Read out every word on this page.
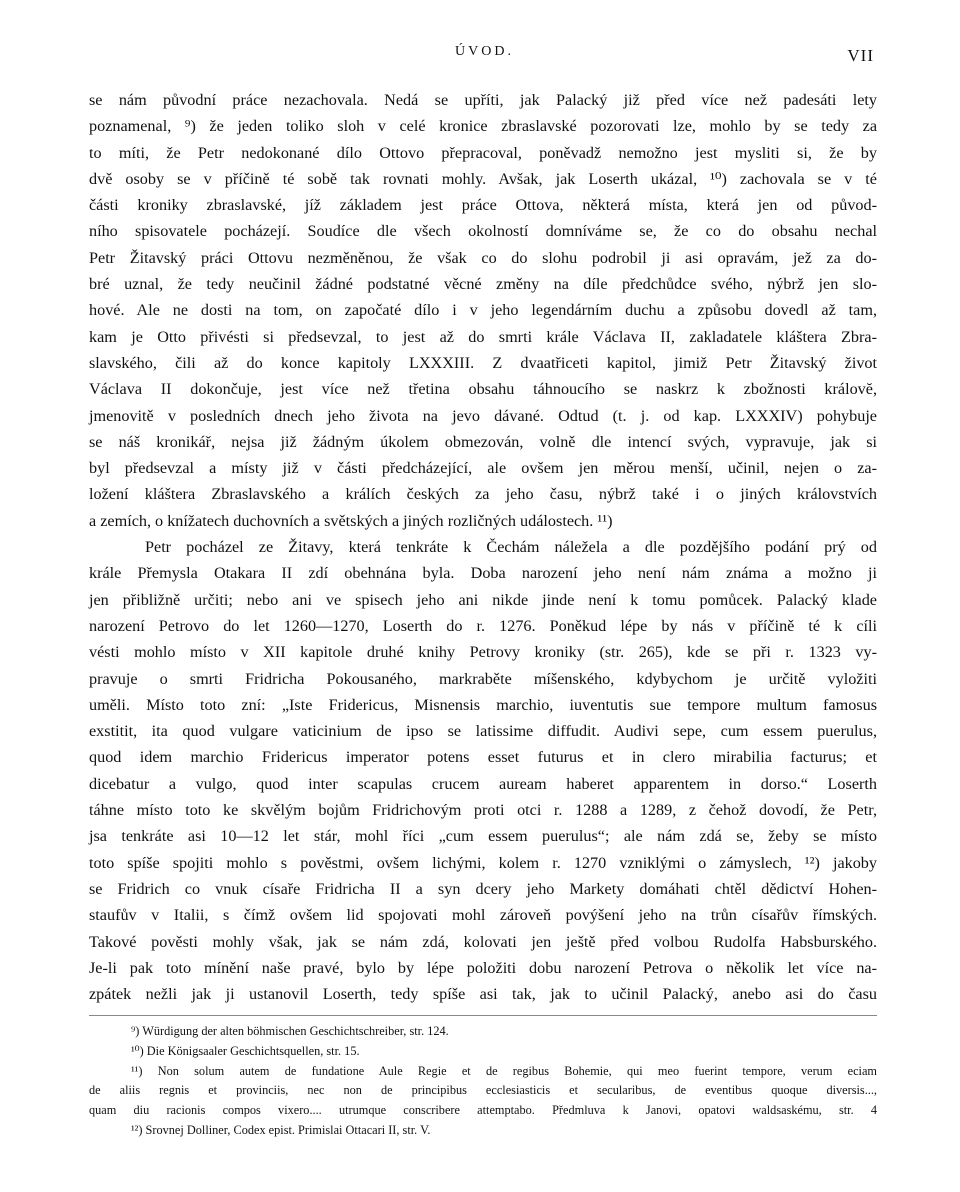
ÚVOD.	VII
se nám původní práce nezachovala. Nedá se upříti, jak Palacký již před více než padesáti lety
poznamenal, ⁹) že jeden toliko sloh v celé kronice zbraslavské pozorovati lze, mohlo by se tedy za
to míti, že Petr nedokonané dílo Ottovo přepracoval, poněvadž nemožno jest mysliti si, že by
dvě osoby se v příčině té sobě tak rovnati mohly. Avšak, jak Loserth ukázal, ¹⁰) zachovala se v té
části kroniky zbraslavské, jíž základem jest práce Ottova, některá místa, která jen od původ-
ního spisovatele pocházejí. Soudíce dle všech okolností domníváme se, že co do obsahu nechal
Petr Žitavský práci Ottovu nezměněnou, že však co do slohu podrobil ji asi opravám, jež za do-
bré uznal, že tedy neučinil žádné podstatné věcné změny na díle předchůdce svého, nýbrž jen slo-
hové. Ale ne dosti na tom, on započaté dílo i v jeho legendárním duchu a způsobu dovedl až tam,
kam je Otto přivésti si předsevzal, to jest až do smrti krále Václava II, zakladatele kláštera Zbra-
slavského, čili až do konce kapitoly LXXXIII. Z dvaatřiceti kapitol, jimiž Petr Žitavský život
Václava II dokončuje, jest více než třetina obsahu táhnoucího se naskrz k zbožnosti královĕ,
jmenovitě v posledních dnech jeho života na jevo dávané. Odtud (t. j. od kap. LXXXIV) pohybuje
se náš kronikář, nejsa již žádným úkolem obmezován, volně dle intencí svých, vypravuje, jak si
byl předsevzal a místy již v části předcházející, ale ovšem jen měrou menší, učinil, nejen o za-
ložení kláštera Zbraslavského a králích českých za jeho času, nýbrž také i o jiných královstvích
a zemích, o knížatech duchovních a světských a jiných rozličných událostech. ¹¹)
Petr pocházel ze Žitavy, která tenkráte k Čechám náležela a dle pozdějšího podání prý od
krále Přemysla Otakara II zdí obehnána byla. Doba narození jeho není nám známa a možno ji
jen přibližně určiti; nebo ani ve spisech jeho ani nikde jinde není k tomu pomůcek. Palacký klade
narození Petrovo do let 1260—1270, Loserth do r. 1276. Poněkud lépe by nás v příčině té k cíli
vésti mohlo místo v XII kapitole druhé knihy Petrovy kroniky (str. 265), kde se při r. 1323 vy-
pravuje o smrti Fridricha Pokousaného, markraběte míšenského, kdybychom je určitě vyložiti
uměli. Místo toto zní: „Iste Fridericus, Misnensis marchio, iuventutis sue tempore multum famosus
exstitit, ita quod vulgare vaticinium de ipso se latissime diffudit. Audivi sepe, cum essem puerulus,
quod idem marchio Fridericus imperator potens esset futurus et in clero mirabilia facturus; et
dicebatur a vulgo, quod inter scapulas crucem auream haberet apparentem in dorso.“ Loserth
táhne místo toto ke skvělým bojům Fridrichovým proti otci r. 1288 a 1289, z čehož dovodí, že Petr,
jsa tenkráte asi 10—12 let stár, mohl říci „cum essem puerulus“; ale nám zdá se, žeby se místo
toto spíše spojiti mohlo s pověstmi, ovšem lichými, kolem r. 1270 vzniklými o zámyslech, ¹²) jakoby
se Fridrich co vnuk císaře Fridricha II a syn dcery jeho Markety domáhati chtěl dědictví Hohen-
staufův v Italii, s čímž ovšem lid spojovati mohl zároveň povýšení jeho na trůn císařův římských.
Takové pověsti mohly však, jak se nám zdá, kolovati jen ještě před volbou Rudolfa Habsburského.
Je-li pak toto mínění naše pravé, bylo by lépe položiti dobu narození Petrova o několik let více na-
zpátek nežli jak ji ustanovil Loserth, tedy spíše asi tak, jak to učinil Palacký, anebo asi do času
⁹) Würdigung der alten böhmischen Geschichtschreiber, str. 124.
¹⁰) Die Königsaaler Geschichtsquellen, str. 15.
¹¹) Non solum autem de fundatione Aule Regie et de regibus Bohemie, qui meo fuerint tempore, verum eciam
de aliis regnis et provinciis, nec non de principibus ecclesiasticis et secularibus, de eventibus quoque diversis...,
quam diu racionis compos vixero.... utrumque conscribere attemptabo. Předmluva k Janovi, opatovi waldsaskému, str. 4
¹²) Srovnej Dolliner, Codex epist. Primislai Ottacari II, str. V.
